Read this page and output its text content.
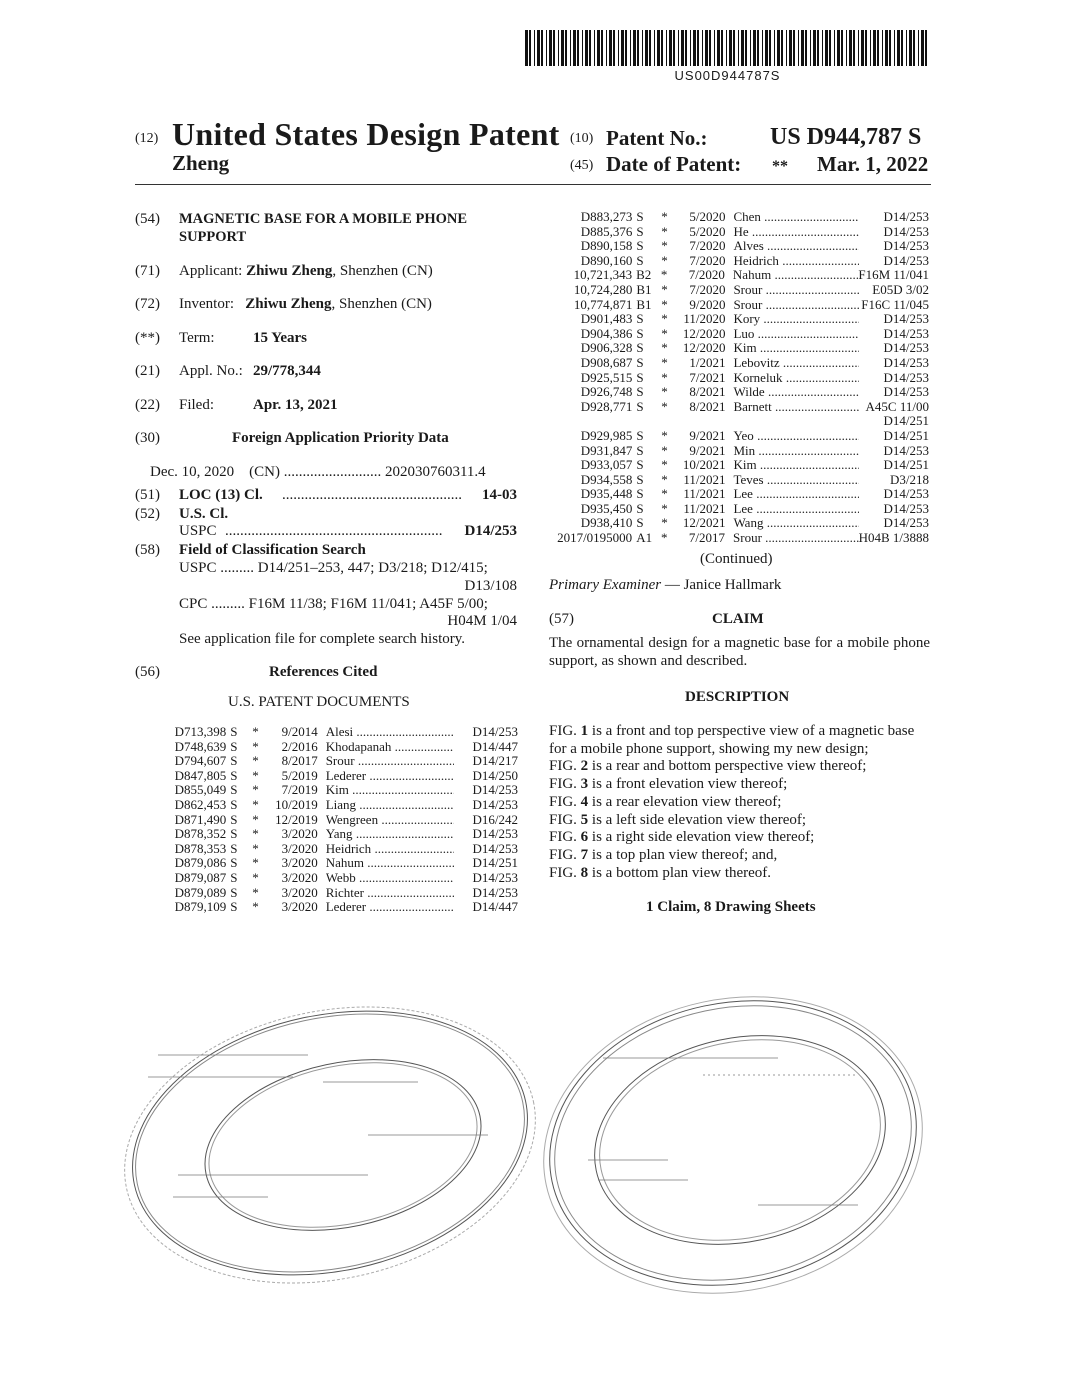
US00D944787S
(12) United States Design Patent
Zheng
(10) Patent No.:	US D944,787 S
(45) Date of Patent: ** Mar. 1, 2022
(54) MAGNETIC BASE FOR A MOBILE PHONE
SUPPORT
(71) Applicant: Zhiwu Zheng, Shenzhen (CN)
(72) Inventor: Zhiwu Zheng, Shenzhen (CN)
(**) Term:	15 Years
(21) Appl. No.: 29/778,344
(22) Filed:	Apr. 13, 2021
(30)	Foreign Application Priority Data
Dec. 10, 2020    (CN) .......................... 202030760311.4
(51) LOC (13) Cl. ................................................	14-03
(52) U.S. Cl.
USPC ..........................................................	D14/253
(58) Field of Classification Search
USPC ......... D14/251–253, 447; D3/218; D12/415;
D13/108
CPC ......... F16M 11/38; F16M 11/041; A45F 5/00;
H04M 1/04
See application file for complete search history.
(56)	References Cited
U.S. PATENT DOCUMENTS
D713,398 S	*	9/2014 Alesi .....	D14/253
D748,639 S	*	2/2016 Khodapanah .....	D14/447
D794,607 S	*	8/2017 Srour .....	D14/217
D847,805 S	*	5/2019 Lederer .....	D14/250
D855,049 S	*	7/2019 Kim .....	D14/253
D862,453 S	*	10/2019 Liang .....	D14/253
D871,490 S	*	12/2019 Wengreen .....	D16/242
D878,352 S	*	3/2020 Yang .....	D14/253
D878,353 S	*	3/2020 Heidrich .....	D14/253
D879,086 S	*	3/2020 Nahum .....	D14/251
D879,087 S	*	3/2020 Webb .....	D14/253
D879,089 S	*	3/2020 Richter .....	D14/253
D879,109 S	*	3/2020 Lederer .....	D14/447
D883,273 S	*	5/2020 Chen .....	D14/253
D885,376 S	*	5/2020 He .....	D14/253
D890,158 S	*	7/2020 Alves .....	D14/253
D890,160 S	*	7/2020 Heidrich .....	D14/253
10,721,343 B2 *	7/2020 Nahum .....	F16M 11/041
10,724,280 B1 *	7/2020 Srour .....	E05D 3/02
10,774,871 B1 *	9/2020 Srour .....	F16C 11/045
D901,483 S	*	11/2020 Kory .....	D14/253
D904,386 S	*	12/2020 Luo .....	D14/253
D906,328 S	*	12/2020 Kim .....	D14/253
D908,687 S	*	1/2021 Lebovitz .....	D14/253
D925,515 S	*	7/2021 Korneluk .....	D14/253
D926,748 S	*	8/2021 Wilde .....	D14/253
D928,771 S	*	8/2021 Barnett .....	A45C 11/00
D14/251
D929,985 S	*	9/2021 Yeo .....	D14/251
D931,847 S	*	9/2021 Min .....	D14/253
D933,057 S	*	10/2021 Kim .....	D14/251
D934,558 S	*	11/2021 Teves .....	D3/218
D935,448 S	*	11/2021 Lee .....	D14/253
D935,450 S	*	11/2021 Lee .....	D14/253
D938,410 S	*	12/2021 Wang .....	D14/253
2017/0195000 A1 *	7/2017 Srour .....	H04B 1/3888
(Continued)
Primary Examiner — Janice Hallmark
(57)	CLAIM
The ornamental design for a magnetic base for a mobile phone support, as shown and described.
DESCRIPTION
FIG. 1 is a front and top perspective view of a magnetic base for a mobile phone support, showing my new design;
FIG. 2 is a rear and bottom perspective view thereof;
FIG. 3 is a front elevation view thereof;
FIG. 4 is a rear elevation view thereof;
FIG. 5 is a left side elevation view thereof;
FIG. 6 is a right side elevation view thereof;
FIG. 7 is a top plan view thereof; and,
FIG. 8 is a bottom plan view thereof.
1 Claim, 8 Drawing Sheets
